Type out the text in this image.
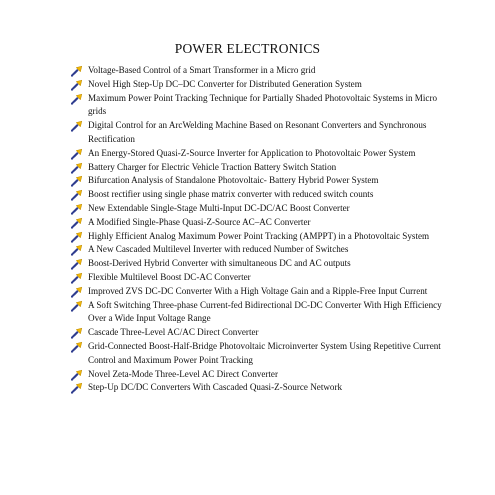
POWER ELECTRONICS
Voltage-Based Control of a Smart Transformer in a Micro grid
Novel High Step-Up DC–DC Converter for Distributed Generation System
Maximum Power Point Tracking Technique for Partially Shaded Photovoltaic Systems in Micro grids
Digital Control for an ArcWelding Machine Based on Resonant Converters and Synchronous Rectification
An Energy-Stored Quasi-Z-Source Inverter for Application to Photovoltaic Power System
Battery Charger for Electric Vehicle Traction Battery Switch Station
Bifurcation Analysis of Standalone Photovoltaic- Battery Hybrid Power System
Boost rectifier using single phase matrix converter with reduced switch counts
New Extendable Single-Stage Multi-Input DC-DC/AC Boost Converter
A Modified Single-Phase Quasi-Z-Source AC–AC Converter
Highly Efficient Analog Maximum Power Point Tracking (AMPPT) in a Photovoltaic System
A New Cascaded Multilevel Inverter with reduced Number of Switches
Boost-Derived Hybrid Converter with simultaneous DC and AC outputs
Flexible Multilevel Boost DC-AC Converter
Improved ZVS DC-DC Converter With a High Voltage Gain and a Ripple-Free Input Current
A Soft Switching Three-phase Current-fed Bidirectional DC-DC Converter With High Efficiency Over a Wide Input Voltage Range
Cascade Three-Level AC/AC Direct Converter
Grid-Connected Boost-Half-Bridge Photovoltaic Microinverter System Using Repetitive Current Control and Maximum Power Point Tracking
Novel Zeta-Mode Three-Level AC Direct Converter
Step-Up DC/DC Converters With Cascaded Quasi-Z-Source Network
